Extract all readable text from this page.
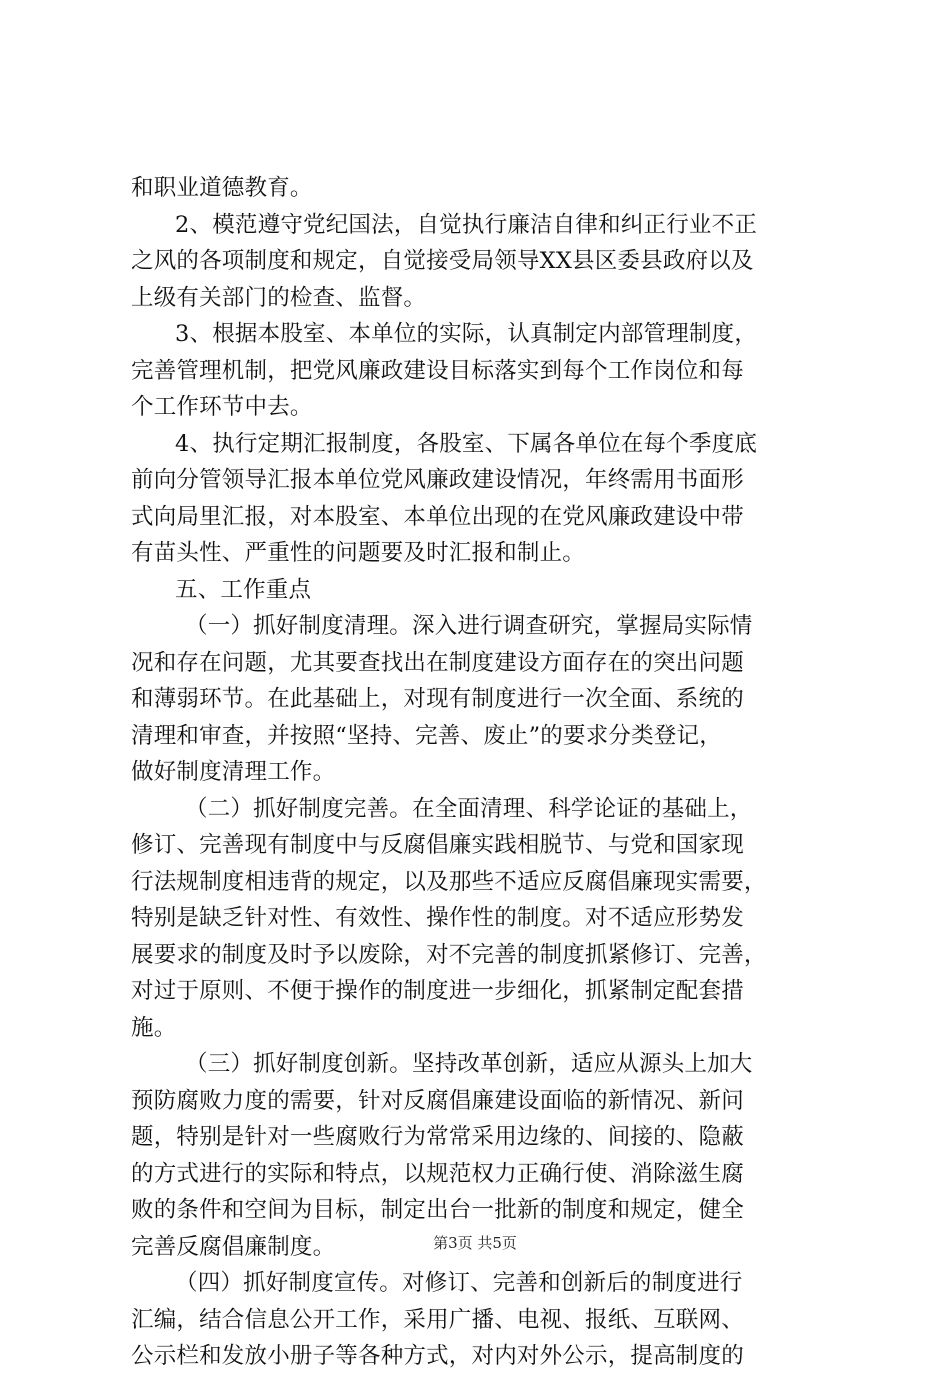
和职业道德教育。
2、模范遵守党纪国法，自觉执行廉洁自律和纠正行业不正
之风的各项制度和规定，自觉接受局领导XX县区委县政府以及
上级有关部门的检查、监督。
3、根据本股室、本单位的实际，认真制定内部管理制度，
完善管理机制，把党风廉政建设目标落实到每个工作岗位和每
个工作环节中去。
4、执行定期汇报制度，各股室、下属各单位在每个季度底
前向分管领导汇报本单位党风廉政建设情况，年终需用书面形
式向局里汇报，对本股室、本单位出现的在党风廉政建设中带
有苗头性、严重性的问题要及时汇报和制止。
五、工作重点
（一）抓好制度清理。深入进行调查研究，掌握局实际情
况和存在问题，尤其要查找出在制度建设方面存在的突出问题
和薄弱环节。在此基础上，对现有制度进行一次全面、系统的
清理和审查，并按照“坚持、完善、废止”的要求分类登记，
做好制度清理工作。
（二）抓好制度完善。在全面清理、科学论证的基础上，
修订、完善现有制度中与反腐倡廉实践相脱节、与党和国家现
行法规制度相违背的规定，以及那些不适应反腐倡廉现实需要，
特别是缺乏针对性、有效性、操作性的制度。对不适应形势发
展要求的制度及时予以废除，对不完善的制度抓紧修订、完善，
对过于原则、不便于操作的制度进一步细化，抓紧制定配套措
施。
（三）抓好制度创新。坚持改革创新，适应从源头上加大
预防腐败力度的需要，针对反腐倡廉建设面临的新情况、新问
题，特别是针对一些腐败行为常常采用边缘的、间接的、隐蔽
的方式进行的实际和特点，以规范权力正确行使、消除滋生腐
败的条件和空间为目标，制定出台一批新的制度和规定，健全
完善反腐倡廉制度。
（四）抓好制度宣传。对修订、完善和创新后的制度进行
汇编，结合信息公开工作，采用广播、电视、报纸、互联网、
公示栏和发放小册子等各种方式，对内对外公示，提高制度的
第3页 共5页
